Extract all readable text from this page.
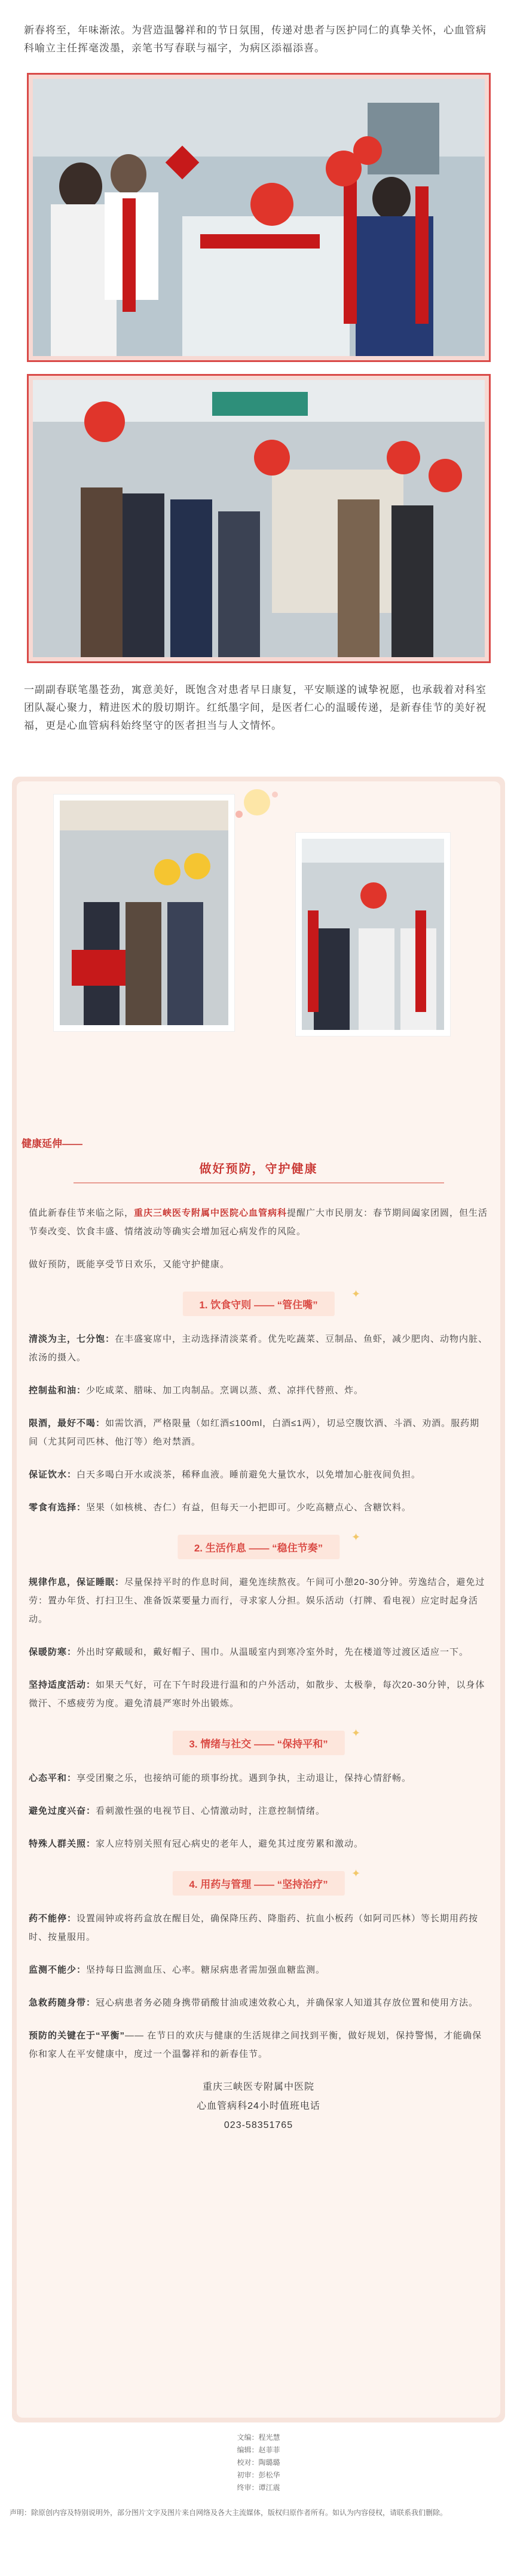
新春将至，年味渐浓。为营造温馨祥和的节日氛围，传递对患者与医护同仁的真挚关怀，心血管病科喻立主任挥毫泼墨，亲笔书写春联与福字，为病区添福添喜。
一副副春联笔墨苍劲，寓意美好，既饱含对患者早日康复，平安顺遂的诚挚祝愿，也承载着对科室团队凝心聚力，精进医术的殷切期许。红纸墨字间，是医者仁心的温暖传递，是新春佳节的美好祝福，更是心血管病科始终坚守的医者担当与人文情怀。
健康延伸——
做好预防，守护健康
值此新春佳节来临之际，重庆三峡医专附属中医院心血管病科提醒广大市民朋友：春节期间阖家团圆，但生活节奏改变、饮食丰盛、情绪波动等确实会增加冠心病发作的风险。
做好预防，既能享受节日欢乐，又能守护健康。
1. 饮食守则 —— “管住嘴”
✦
清淡为主，七分饱：在丰盛宴席中，主动选择清淡菜肴。优先吃蔬菜、豆制品、鱼虾，减少肥肉、动物内脏、浓汤的摄入。
控制盐和油：少吃咸菜、腊味、加工肉制品。烹调以蒸、煮、凉拌代替煎、炸。
限酒，最好不喝：如需饮酒，严格限量（如红酒≤100ml，白酒≤1两），切忌空腹饮酒、斗酒、劝酒。服药期间（尤其阿司匹林、他汀等）绝对禁酒。
保证饮水：白天多喝白开水或淡茶，稀释血液。睡前避免大量饮水，以免增加心脏夜间负担。
零食有选择：坚果（如核桃、杏仁）有益，但每天一小把即可。少吃高糖点心、含糖饮料。
2. 生活作息 —— “稳住节奏”
✦
规律作息，保证睡眠：尽量保持平时的作息时间，避免连续熬夜。午间可小憩20-30分钟。劳逸结合，避免过劳：置办年货、打扫卫生、准备饭菜要量力而行，寻求家人分担。娱乐活动（打牌、看电视）应定时起身活动。
保暖防寒：外出时穿戴暖和，戴好帽子、围巾。从温暖室内到寒冷室外时，先在楼道等过渡区适应一下。
坚持适度活动：如果天气好，可在下午时段进行温和的户外活动，如散步、太极拳，每次20-30分钟，以身体微汗、不感疲劳为度。避免清晨严寒时外出锻炼。
3. 情绪与社交 —— “保持平和”
✦
心态平和：享受团聚之乐，也接纳可能的琐事纷扰。遇到争执，主动退让，保持心情舒畅。
避免过度兴奋：看刺激性强的电视节目、心情激动时，注意控制情绪。
特殊人群关照：家人应特别关照有冠心病史的老年人，避免其过度劳累和激动。
4. 用药与管理 —— “坚持治疗”
✦
药不能停：设置闹钟或将药盒放在醒目处，确保降压药、降脂药、抗血小板药（如阿司匹林）等长期用药按时、按量服用。
监测不能少：坚持每日监测血压、心率。糖尿病患者需加强血糖监测。
急救药随身带：冠心病患者务必随身携带硝酸甘油或速效救心丸，并确保家人知道其存放位置和使用方法。
预防的关键在于“平衡”—— 在节日的欢庆与健康的生活规律之间找到平衡，做好规划，保持警惕，才能确保你和家人在平安健康中，度过一个温馨祥和的新春佳节。
重庆三峡医专附属中医院
心血管病科24小时值班电话
023-58351765
文编：程光慧
编辑：赵菲菲
校对：陶璐璐
初审：彭松华
终审：谭江震
声明：除原创内容及特别说明外，部分图片文字及图片来自网络及各大主流媒体，版权归原作者所有。如认为内容侵权，请联系我们删除。
